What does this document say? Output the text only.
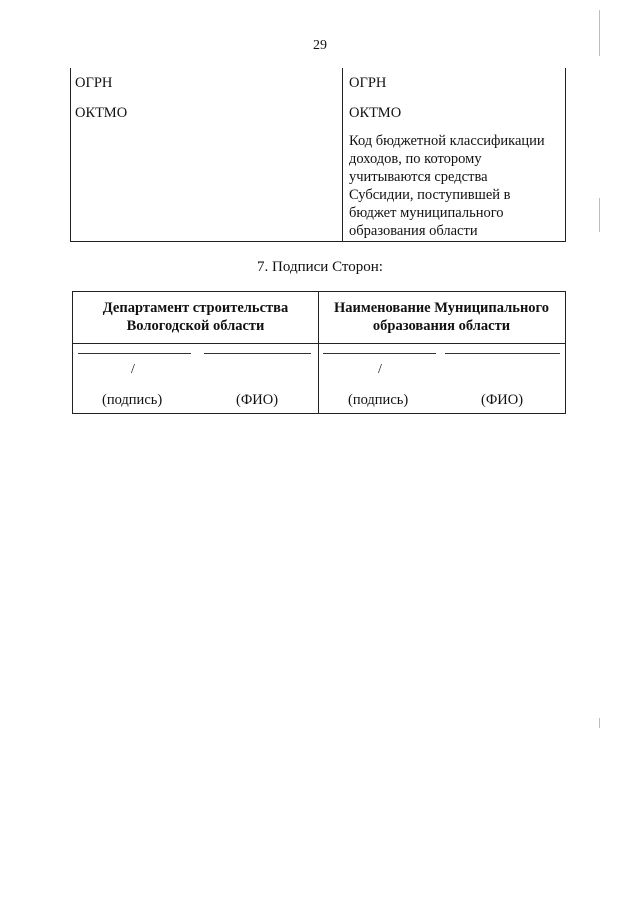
29
ОГРН
ОКТМО
ОГРН
ОКТМО
Код бюджетной классификации
доходов, по которому
учитываются средства
Субсидии, поступившей в
бюджет муниципального
образования области
7. Подписи Сторон:
Департамент строительства
Вологодской области
Наименование Муниципального
образования области
/
(подпись)	(ФИО)
/
(подпись)	(ФИО)
